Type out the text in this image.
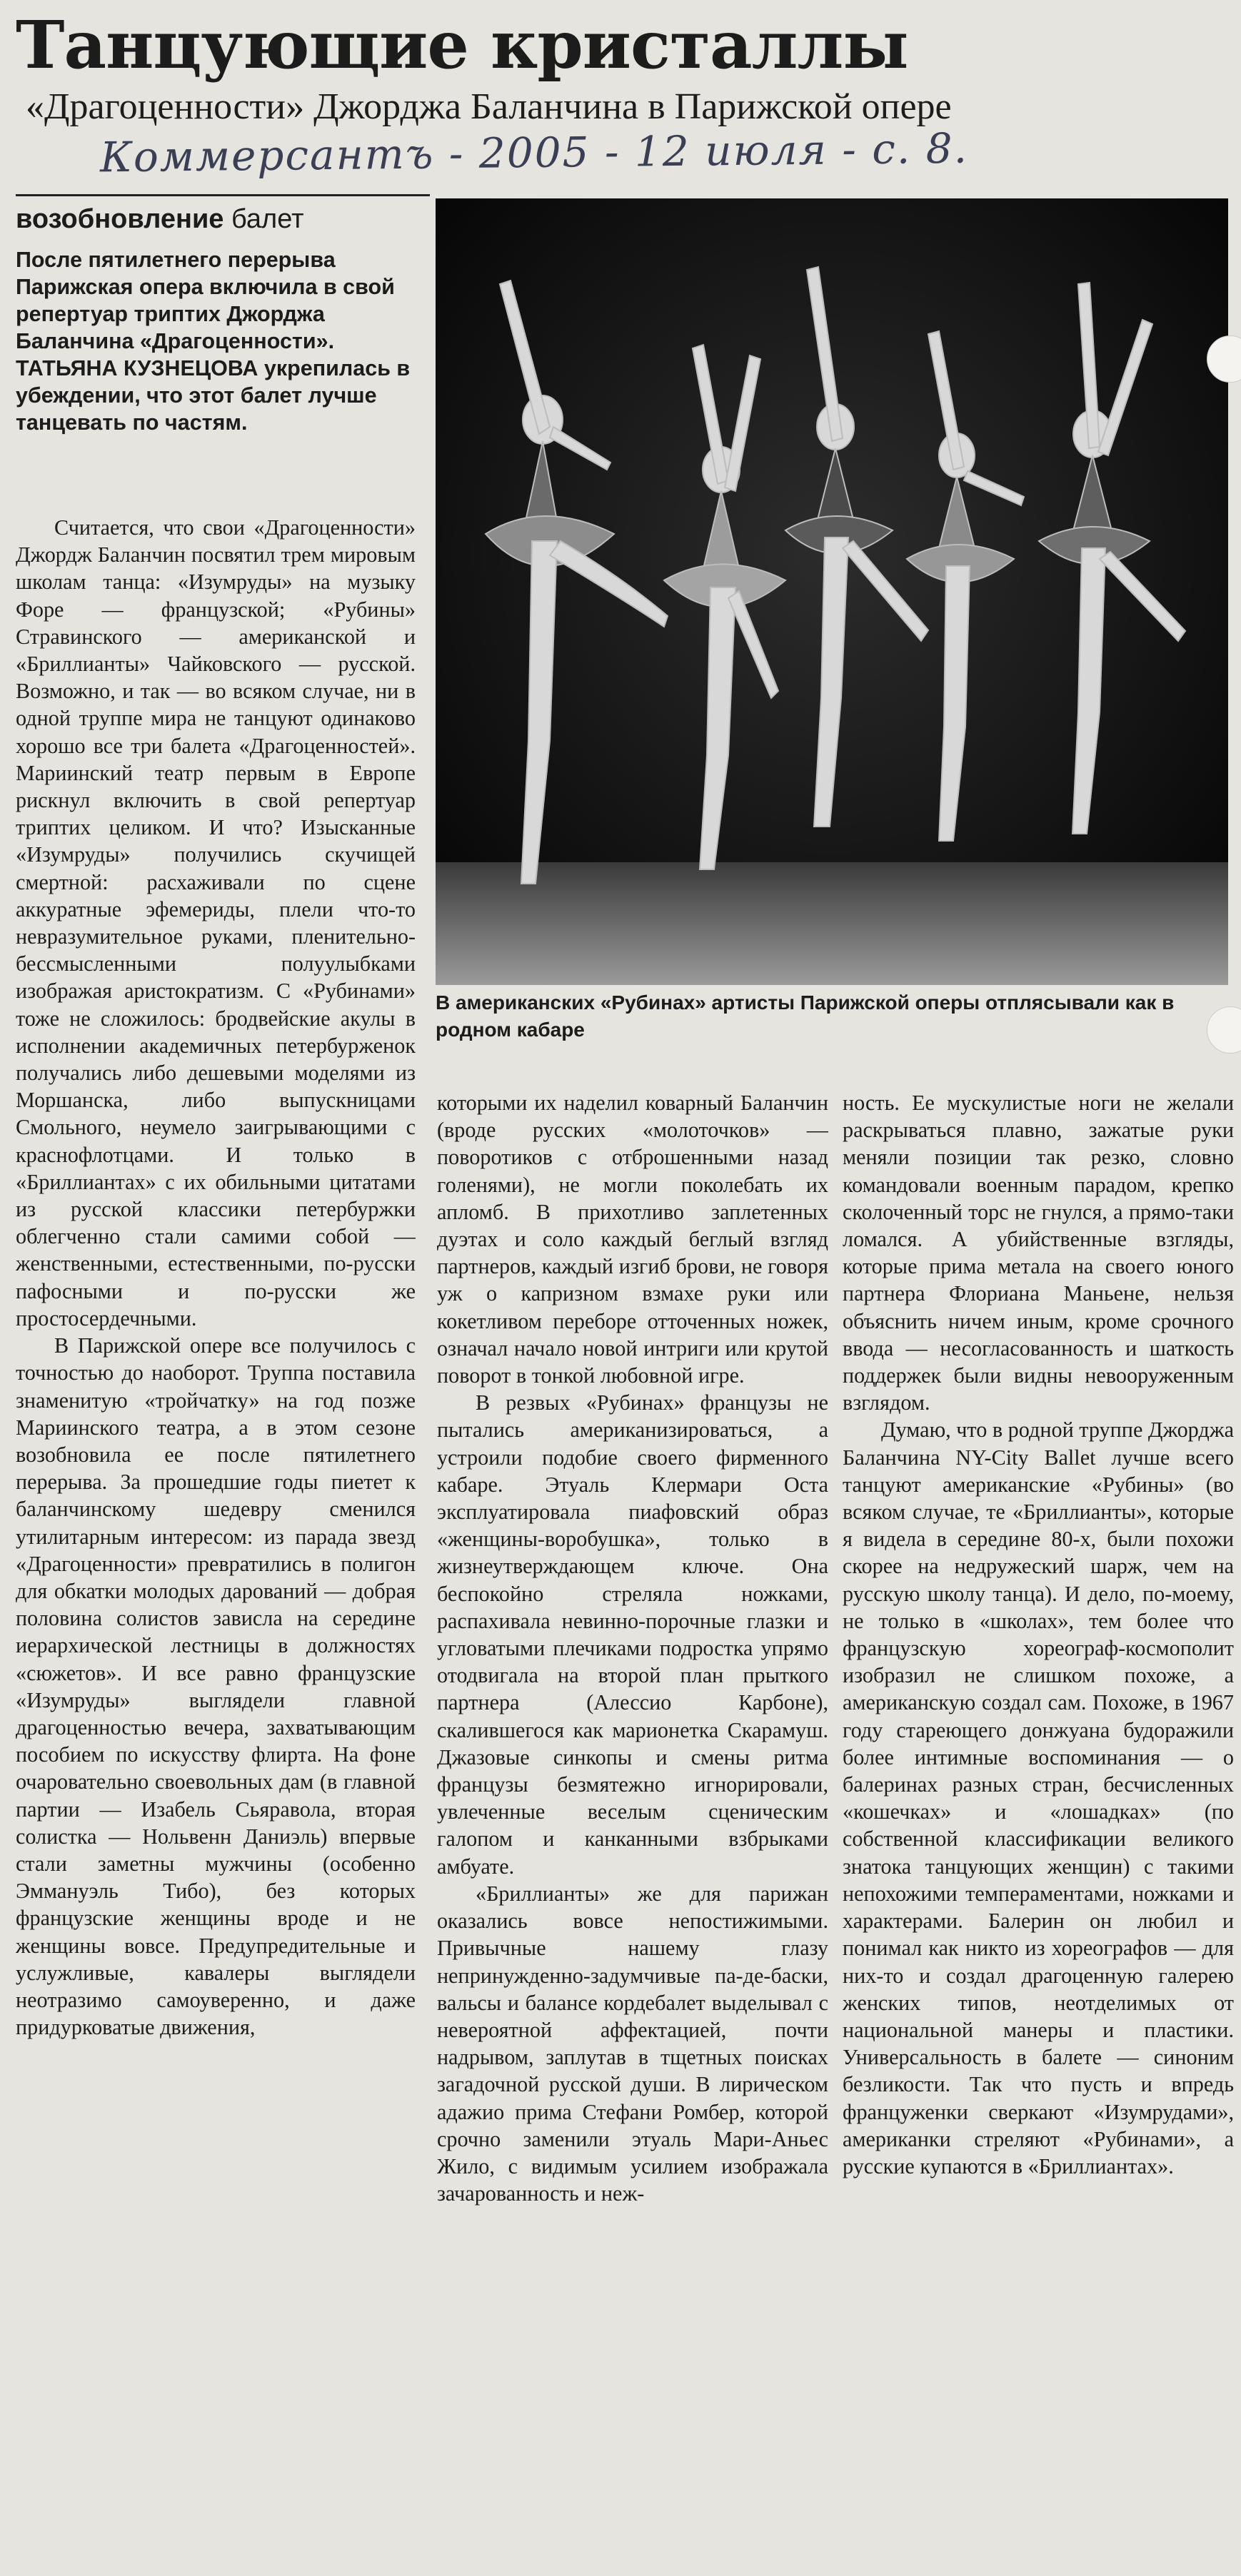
Танцующие кристаллы
«Драгоценности» Джорджа Баланчина в Парижской опере
Коммерсантъ - 2005 - 12 июля - с. 8.
возобновление балет
После пятилетнего перерыва Парижская опера включила в свой репертуар триптих Джорджа Баланчина «Драгоценности». ТАТЬЯНА КУЗНЕЦОВА укрепилась в убеждении, что этот балет лучше танцевать по частям.
В американских «Рубинах» артисты Парижской оперы отплясывали как в родном кабаре

Считается, что свои «Драгоценности» Джордж Баланчин посвятил трем мировым школам танца: «Изумруды» на музыку Форе — французской; «Рубины» Стравинского — американской и «Бриллианты» Чайковского — русской. Возможно, и так — во всяком случае, ни в одной труппе мира не танцуют одинаково хорошо все три балета «Драгоценностей». Мариинский театр первым в Европе рискнул включить в свой репертуар триптих целиком. И что? Изысканные «Изумруды» получились скучищей смертной: расхаживали по сцене аккуратные эфемериды, плели что-то невразумительное руками, пленительно-бессмысленными полуулыбками изображая аристократизм. С «Рубинами» тоже не сложилось: бродвейские акулы в исполнении академичных петербурженок получались либо дешевыми моделями из Моршанска, либо выпускницами Смольного, неумело заигрывающими с краснофлотцами. И только в «Бриллиантах» с их обильными цитатами из русской классики петербуржки облегченно стали самими собой — женственными, естественными, по-русски пафосными и по-русски же простосердечными.

В Парижской опере все получилось с точностью до наоборот. Труппа поставила знаменитую «тройчатку» на год позже Мариинского театра, а в этом сезоне возобновила ее после пятилетнего перерыва. За прошедшие годы пиетет к баланчинскому шедевру сменился утилитарным интересом: из парада звезд «Драгоценности» превратились в полигон для обкатки молодых дарований — добрая половина солистов зависла на середине иерархической лестницы в должностях «сюжетов». И все равно французские «Изумруды» выглядели главной драгоценностью вечера, захватывающим пособием по искусству флирта. На фоне очаровательно своевольных дам (в главной партии — Изабель Сьяравола, вторая солистка — Нольвенн Даниэль) впервые стали заметны мужчины (особенно Эммануэль Тибо), без которых французские женщины вроде и не женщины вовсе. Предупредительные и услужливые, кавалеры выглядели неотразимо самоуверенно, и даже придурковатые движения,

которыми их наделил коварный Баланчин (вроде русских «молоточков» — поворотиков с отброшенными назад голенями), не могли поколебать их апломб. В прихотливо заплетенных дуэтах и соло каждый беглый взгляд партнеров, каждый изгиб брови, не говоря уж о капризном взмахе руки или кокетливом переборе отточенных ножек, означал начало новой интриги или крутой поворот в тонкой любовной игре.

В резвых «Рубинах» французы не пытались американизироваться, а устроили подобие своего фирменного кабаре. Этуаль Клермари Оста эксплуатировала пиафовский образ «женщины-воробушка», только в жизнеутверждающем ключе. Она беспокойно стреляла ножками, распахивала невинно-порочные глазки и угловатыми плечиками подростка упрямо отодвигала на второй план прыткого партнера (Алессио Карбоне), скалившегося как марионетка Скарамуш. Джазовые синкопы и смены ритма французы безмятежно игнорировали, увлеченные веселым сценическим галопом и канканными взбрыками амбуате.

«Бриллианты» же для парижан оказались вовсе непостижимыми. Привычные нашему глазу непринужденно-задумчивые па-де-баски, вальсы и балансе кордебалет выделывал с невероятной аффектацией, почти надрывом, заплутав в тщетных поисках загадочной русской души. В лирическом адажио прима Стефани Ромбер, которой срочно заменили этуаль Мари-Аньес Жило, с видимым усилием изображала зачарованность и неж-

ность. Ее мускулистые ноги не желали раскрываться плавно, зажатые руки меняли позиции так резко, словно командовали военным парадом, крепко сколоченный торс не гнулся, а прямо-таки ломался. А убийственные взгляды, которые прима метала на своего юного партнера Флориана Маньене, нельзя объяснить ничем иным, кроме срочного ввода — несогласованность и шаткость поддержек были видны невооруженным взглядом.

Думаю, что в родной труппе Джорджа Баланчина NY-City Ballet лучше всего танцуют американские «Рубины» (во всяком случае, те «Бриллианты», которые я видела в середине 80-х, были похожи скорее на недружеский шарж, чем на русскую школу танца). И дело, по-моему, не только в «школах», тем более что французскую хореограф-космополит изобразил не слишком похоже, а американскую создал сам. Похоже, в 1967 году стареющего донжуана будоражили более интимные воспоминания — о балеринах разных стран, бесчисленных «кошечках» и «лошадках» (по собственной классификации великого знатока танцующих женщин) с такими непохожими темпераментами, ножками и характерами. Балерин он любил и понимал как никто из хореографов — для них-то и создал драгоценную галерею женских типов, неотделимых от национальной манеры и пластики. Универсальность в балете — синоним безликости. Так что пусть и впредь француженки сверкают «Изумрудами», американки стреляют «Рубинами», а русские купаются в «Бриллиантах».
